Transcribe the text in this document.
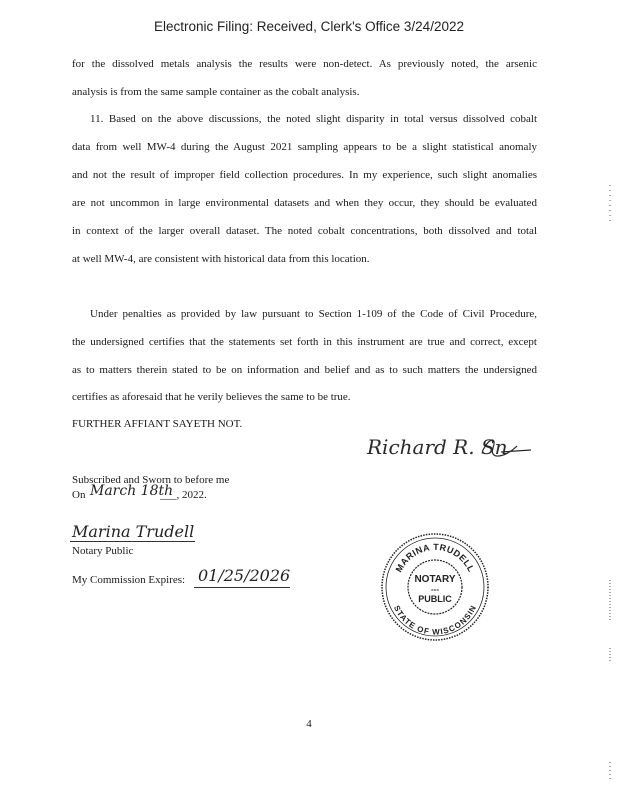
Electronic Filing: Received, Clerk's Office 3/24/2022
for the dissolved metals analysis the results were non-detect. As previously noted, the arsenic
analysis is from the same sample container as the cobalt analysis.
11. Based on the above discussions, the noted slight disparity in total versus dissolved cobalt
data from well MW-4 during the August 2021 sampling appears to be a slight statistical anomaly
and not the result of improper field collection procedures. In my experience, such slight anomalies
are not uncommon in large environmental datasets and when they occur, they should be evaluated
in context of the larger overall dataset. The noted cobalt concentrations, both dissolved and total
at well MW-4, are consistent with historical data from this location.
Under penalties as provided by law pursuant to Section 1-109 of the Code of Civil Procedure,
the undersigned certifies that the statements set forth in this instrument are true and correct, except
as to matters therein stated to be on information and belief and as to such matters the undersigned
certifies as aforesaid that he verily believes the same to be true.
FURTHER AFFIANT SAYETH NOT.
Richard R. Sn
Subscribed and Sworn to before me
On March 18th
___, 2022.
Marina Trudell
Notary Public
My Commission Expires: 01/25/2026	MARINA TRUDELL
STATE OF WISCONSIN
NOTARY
---
PUBLIC
4
